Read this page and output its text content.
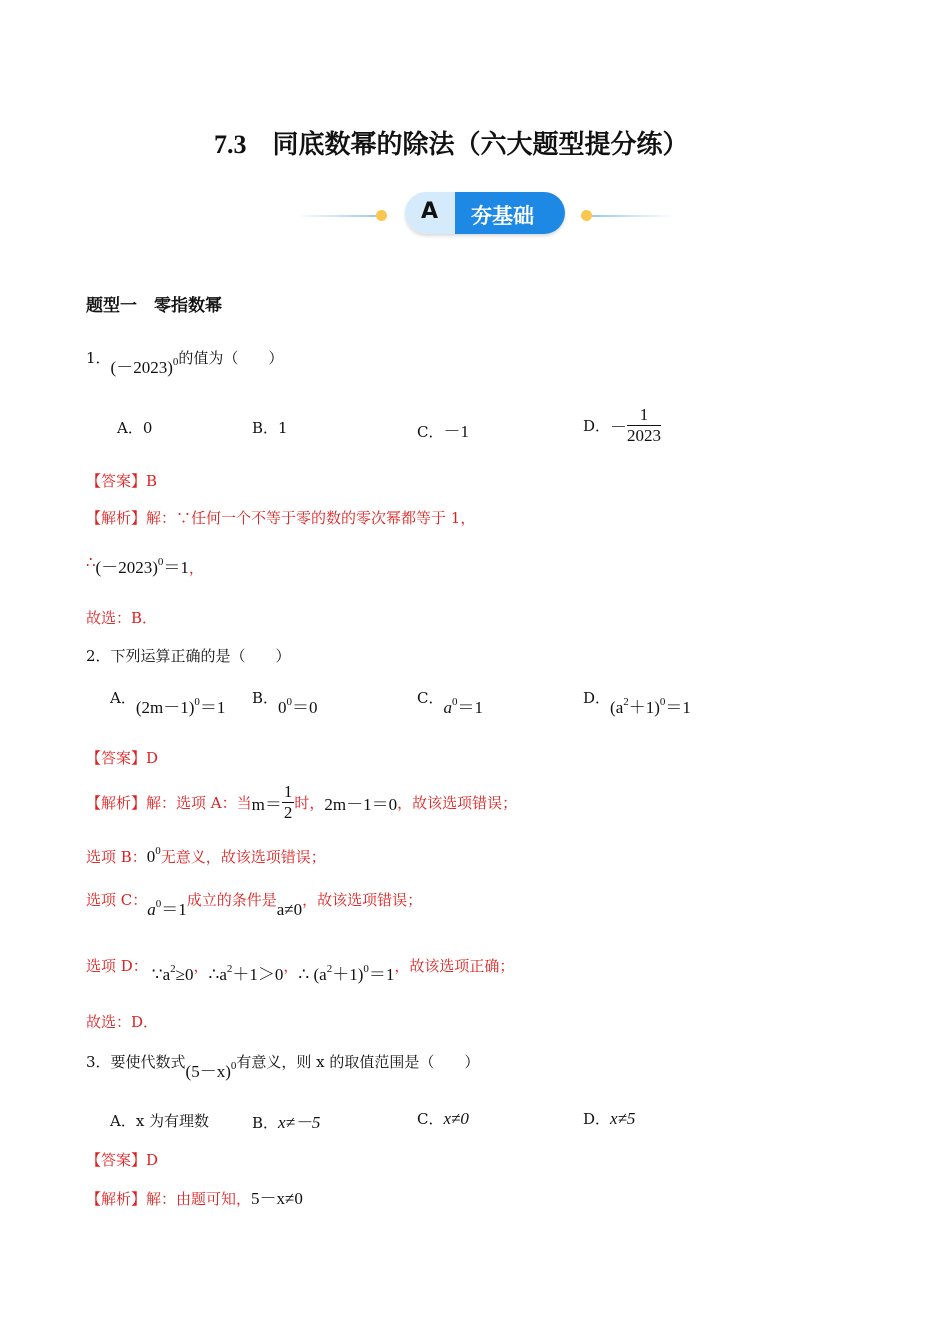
7.3　同底数幂的除法（六大题型提分练）
A 夯基础
题型一　零指数幂
1．$(-2023)^0$的值为（　　）
A．0	B．1	C．－1	D．－ $\frac{1}{2023}$
【答案】B
【解析】解：∵任何一个不等于零的数的零次幂都等于 1，
$\therefore(-2023)^0=1$，
故选：B．
2．下列运算正确的是（　　）
A．$(2m-1)^0=1$ B．$0^0=0$	C．$a^0=1$	D．$(a^2+1)^0=1$
【答案】D
【解析】解：选项 A：当$m= \frac{1}{2}$ 时，2m－1＝0，故该选项错误；
选项 B：$0^0$无意义，故该选项错误；
选项 C：$a^0=1$成立的条件是a≠0，故该选项错误；
选项 D： $\because a^2\ge 0$，$\therefore a^2+1>0$，∴ $(a^2+1)^0=1$，故该选项正确；
故选：D．
3．要使代数式$(5-x)^0$有意义，则 x 的取值范围是（　　）
A．x 为有理数	B．x≠－5	C．x≠0	D．x≠5
【答案】D
【解析】解：由题可知，5－x≠0
